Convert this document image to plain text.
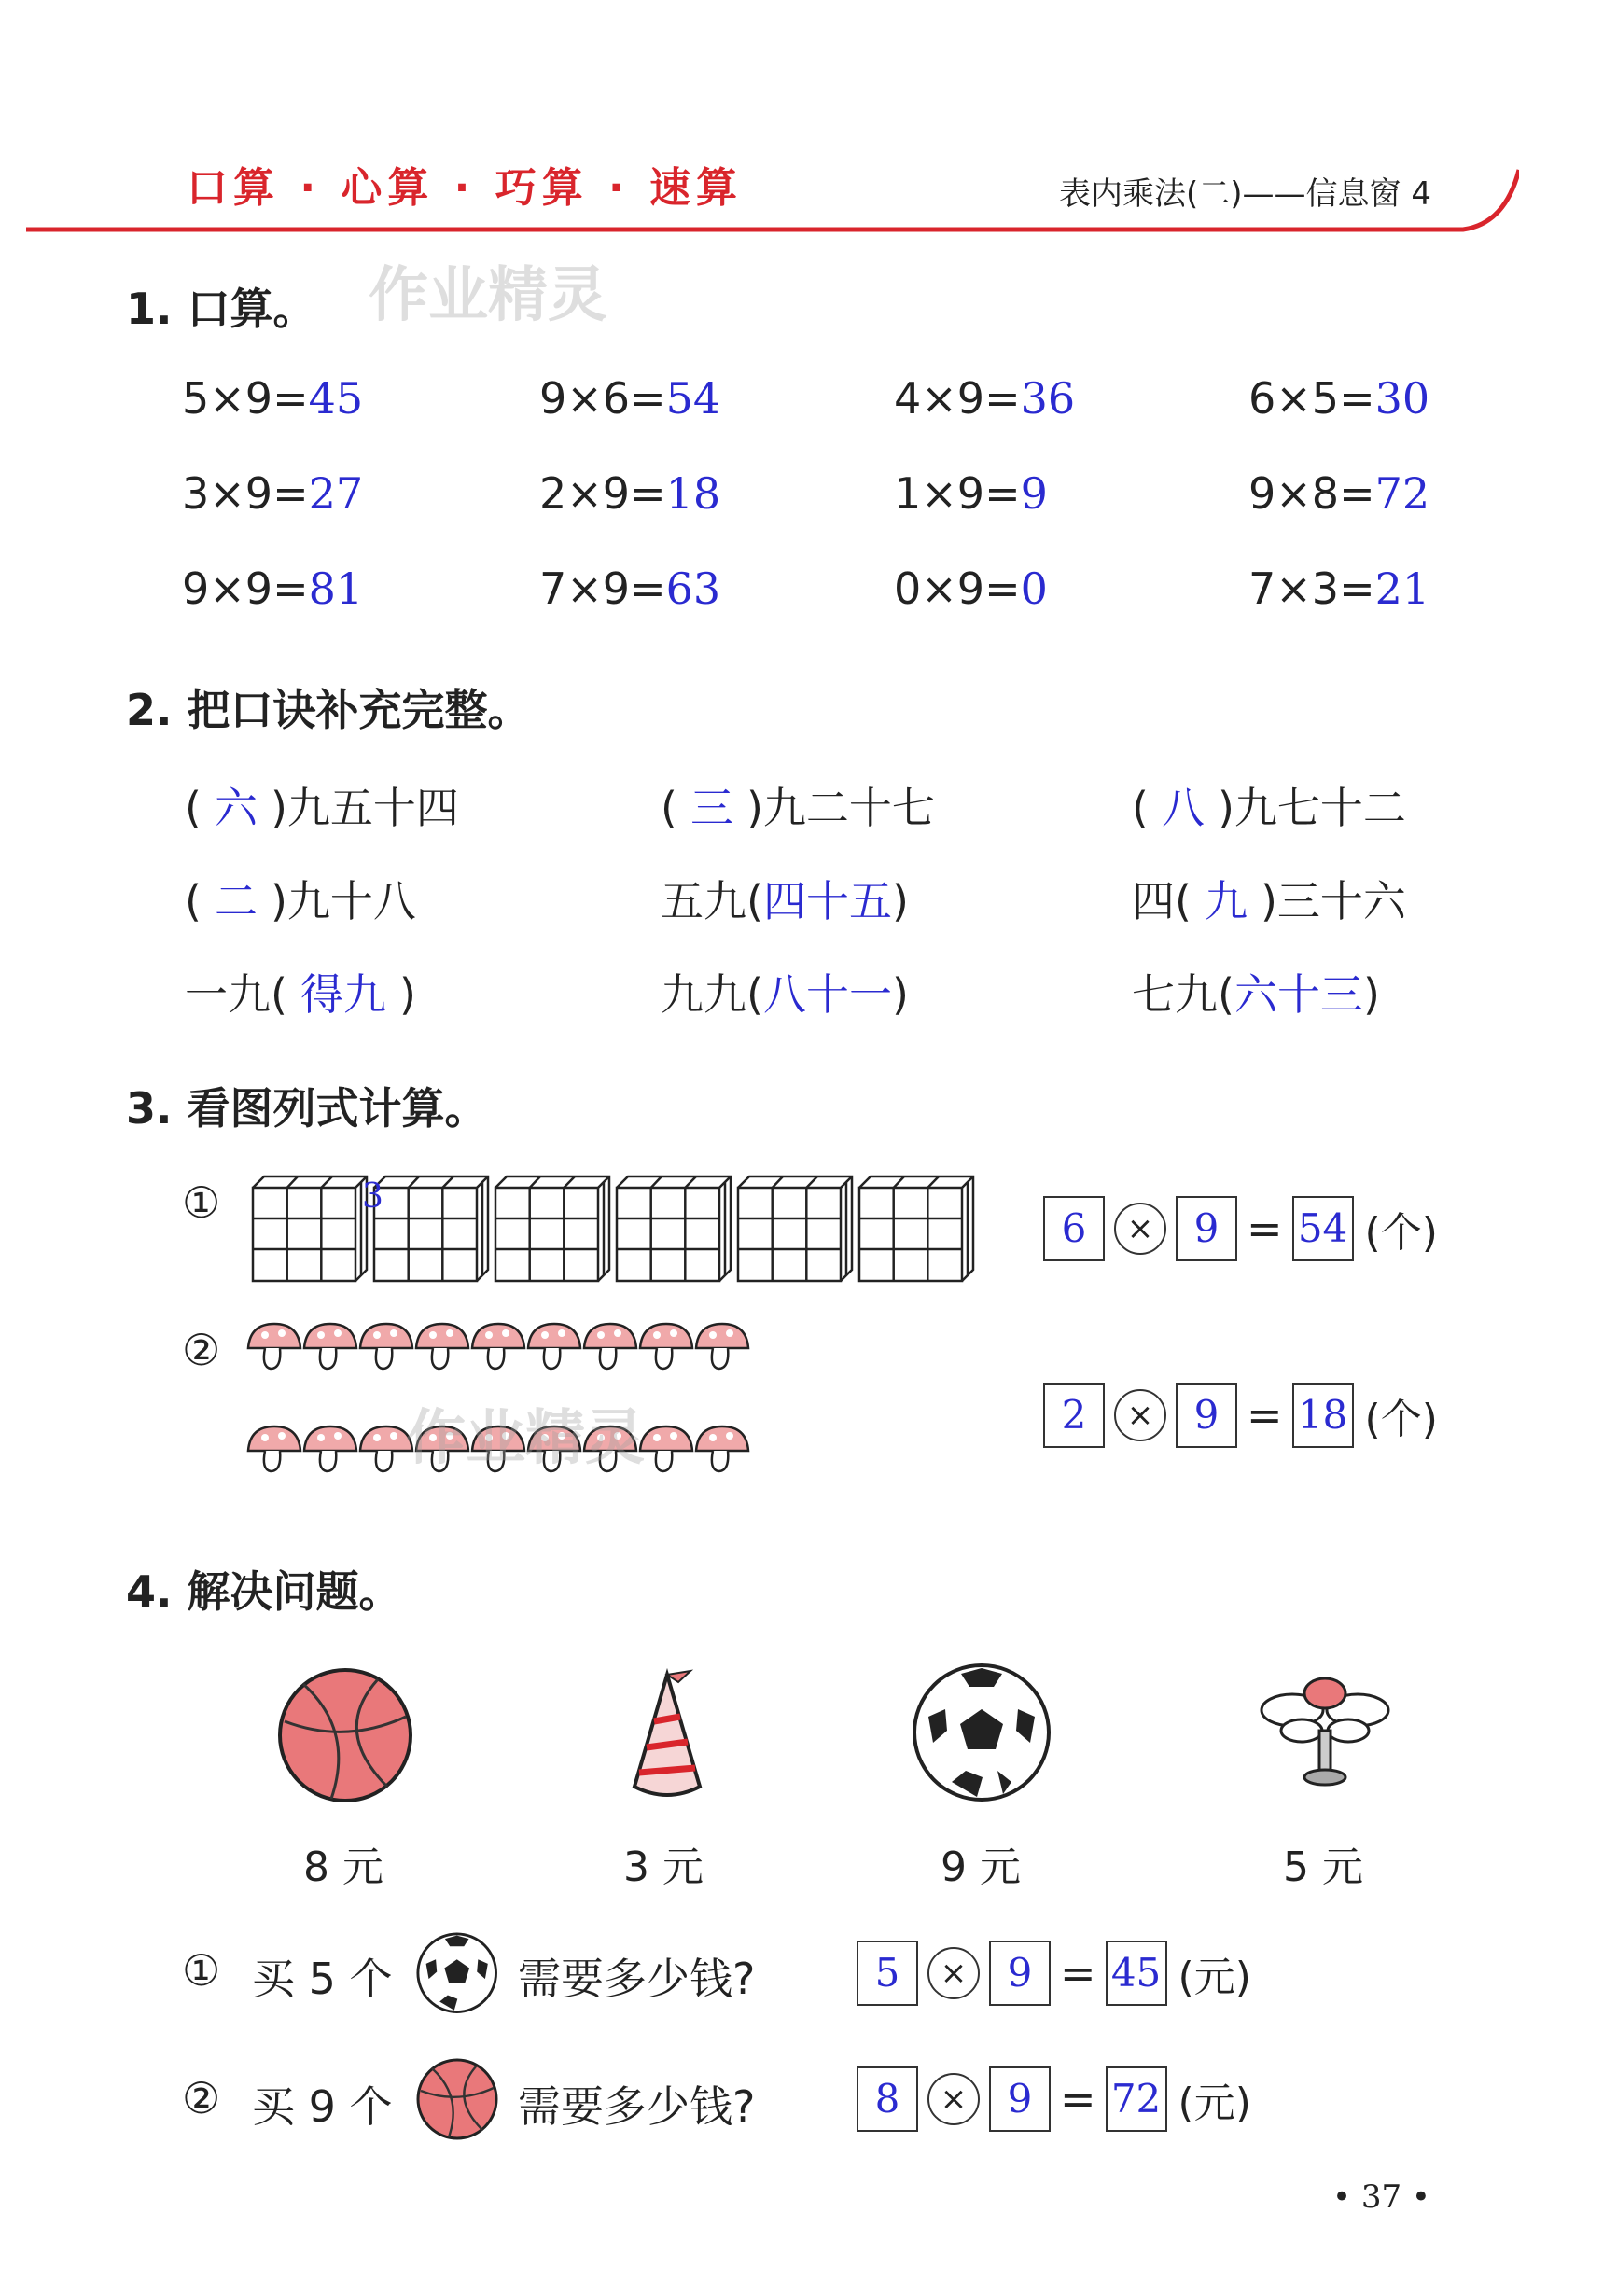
口算 · 心算 · 巧算 · 速算	表内乘法(二)——信息窗 4
作业精灵
1. 口算。
5×9=45	9×6=54	4×9=36	6×5=30
3×9=27	2×9=18	1×9=9	9×8=72
9×9=81	7×9=63	0×9=0	7×3=21
2. 把口诀补充完整。
( 六 )九五十四	( 三 )九二十七	( 八 )九七十二
( 二 )九十八	五九(四十五)	四( 九 )三十六
一九( 得九 )	九九(八十一)	七九(六十三)
3. 看图列式计算。
①	3
6 × 9 = 54 (个)
②
2 × 9 = 18 (个)
作业精灵
4. 解决问题。
8 元	3 元	9 元	5 元
① 买 5 个	需要多少钱?	5 × 9 = 45 (元)
② 买 9 个	需要多少钱?	8 × 9 = 72 (元)
• 37 •
